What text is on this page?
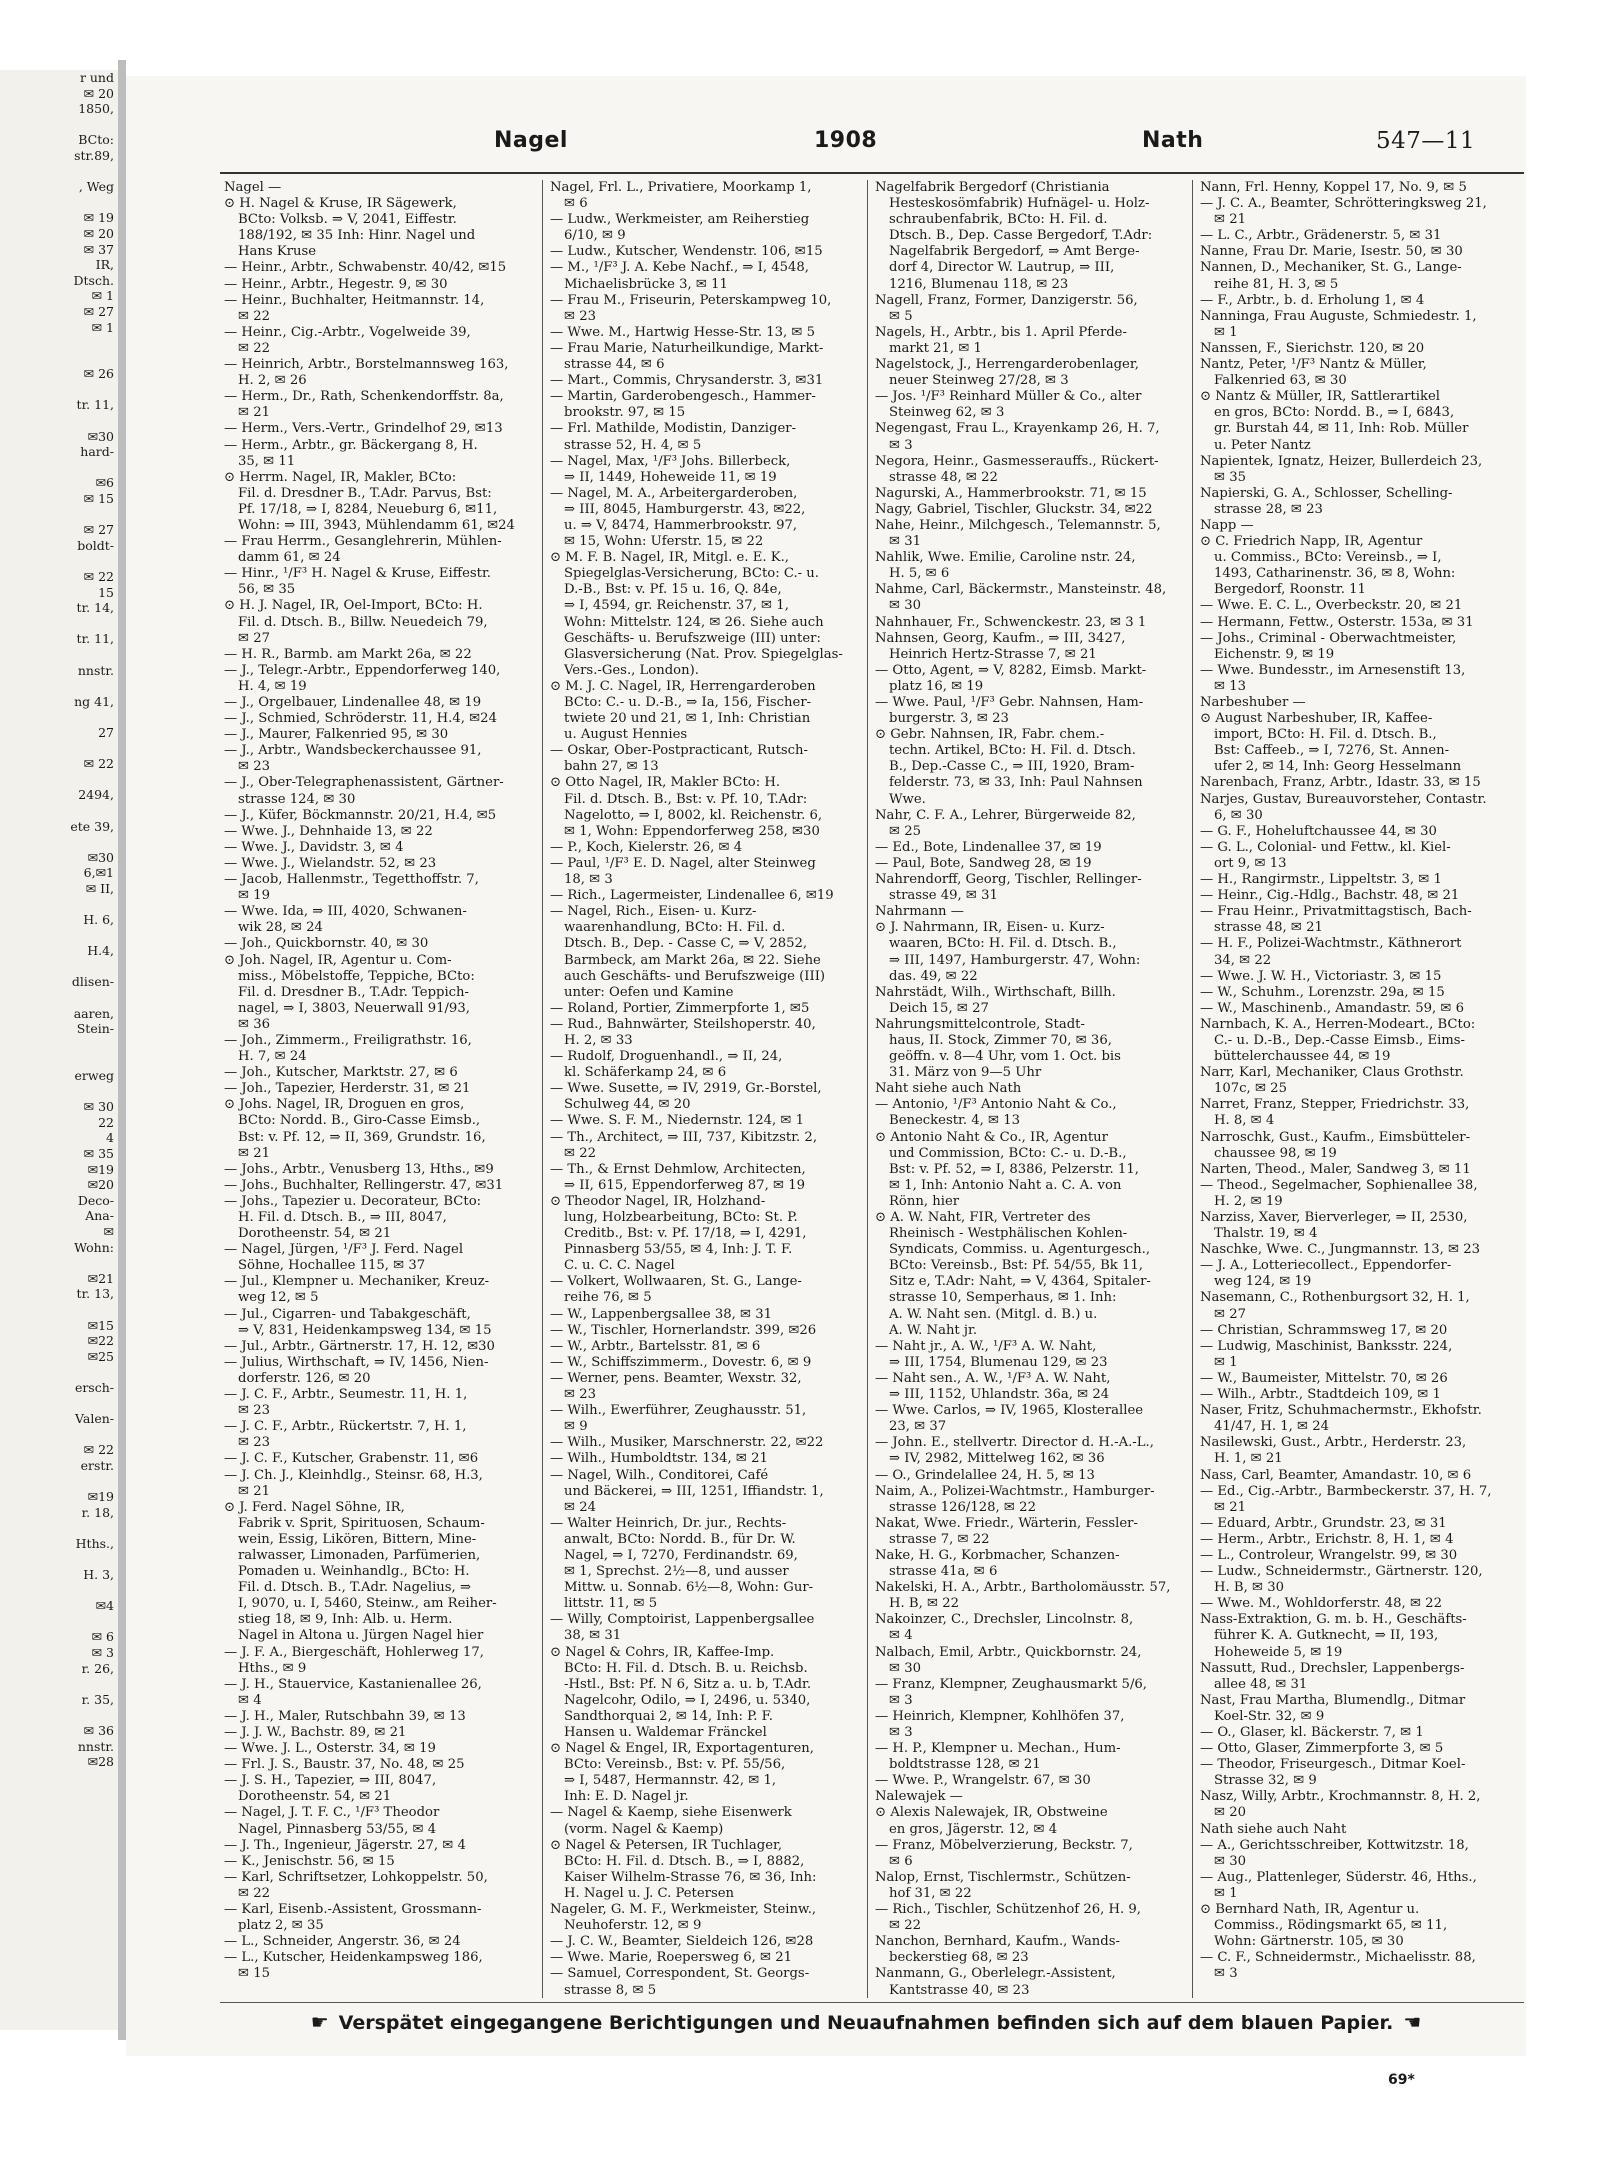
r und
✉ 20
1850,

BCto:
str.89,

, Weg

✉ 19
✉ 20
✉ 37
IR,
Dtsch.
✉ 1
✉ 27
✉ 1

✉ 26

tr. 11,

✉30
hard-

✉6
✉ 15

✉ 27
boldt-

✉ 22
15
tr. 14,

tr. 11,

nnstr.

ng 41,

27

✉ 22

2494,

ete 39,

✉30
6,✉1
✉ II,

H. 6,

H.4,

dlisen-

aaren,
Stein-

erweg

✉ 30
22
4
✉ 35
✉19
✉20
Deco-
Ana-
✉
Wohn:

✉21
tr. 13,

✉15
✉22
✉25

ersch-

Valen-

✉ 22
erstr.

✉19
r. 18,

Hths.,

H. 3,

✉4

✉ 6
✉ 3
r. 26,

r. 35,

✉ 36
nnstr.
✉28
Nagel	1908	Nath	547—11
Nagel —
⊙ H. Nagel & Kruse, IR Sägewerk,
BCto: Volksb. ⇒ V, 2041, Eiffestr.
188/192, ✉ 35 Inh: Hinr. Nagel und
Hans Kruse
— Heinr., Arbtr., Schwabenstr. 40/42, ✉15
— Heinr., Arbtr., Hegestr. 9, ✉ 30
— Heinr., Buchhalter, Heitmannstr. 14,
✉ 22
— Heinr., Cig.-Arbtr., Vogelweide 39,
✉ 22
— Heinrich, Arbtr., Borstelmannsweg 163,
H. 2, ✉ 26
— Herm., Dr., Rath, Schenkendorffstr. 8a,
✉ 21
— Herm., Vers.-Vertr., Grindelhof 29, ✉13
— Herm., Arbtr., gr. Bäckergang 8, H.
35, ✉ 11
⊙ Herrm. Nagel, IR, Makler, BCto:
Fil. d. Dresdner B., T.Adr. Parvus, Bst:
Pf. 17/18, ⇒ I, 8284, Neueburg 6, ✉11,
Wohn: ⇒ III, 3943, Mühlendamm 61, ✉24
— Frau Herrm., Gesanglehrerin, Mühlen-
damm 61, ✉ 24
— Hinr., ¹/F³ H. Nagel & Kruse, Eiffestr.
56, ✉ 35
⊙ H. J. Nagel, IR, Oel-Import, BCto: H.
Fil. d. Dtsch. B., Billw. Neuedeich 79,
✉ 27
— H. R., Barmb. am Markt 26a, ✉ 22
— J., Telegr.-Arbtr., Eppendorferweg 140,
H. 4, ✉ 19
— J., Orgelbauer, Lindenallee 48, ✉ 19
— J., Schmied, Schröderstr. 11, H.4, ✉24
— J., Maurer, Falkenried 95, ✉ 30
— J., Arbtr., Wandsbeckerchaussee 91,
✉ 23
— J., Ober-Telegraphenassistent, Gärtner-
strasse 124, ✉ 30
— J., Küfer, Böckmannstr. 20/21, H.4, ✉5
— Wwe. J., Dehnhaide 13, ✉ 22
— Wwe. J., Davidstr. 3, ✉ 4
— Wwe. J., Wielandstr. 52, ✉ 23
— Jacob, Hallenmstr., Tegetthoffstr. 7,
✉ 19
— Wwe. Ida, ⇒ III, 4020, Schwanen-
wik 28, ✉ 24
— Joh., Quickbornstr. 40, ✉ 30
⊙ Joh. Nagel, IR, Agentur u. Com-
miss., Möbelstoffe, Teppiche, BCto:
Fil. d. Dresdner B., T.Adr. Teppich-
nagel, ⇒ I, 3803, Neuerwall 91/93,
✉ 36
— Joh., Zimmerm., Freiligrathstr. 16,
H. 7, ✉ 24
— Joh., Kutscher, Marktstr. 27, ✉ 6
— Joh., Tapezier, Herderstr. 31, ✉ 21
⊙ Johs. Nagel, IR, Droguen en gros,
BCto: Nordd. B., Giro-Casse Eimsb.,
Bst: v. Pf. 12, ⇒ II, 369, Grundstr. 16,
✉ 21
— Johs., Arbtr., Venusberg 13, Hths., ✉9
— Johs., Buchhalter, Rellingerstr. 47, ✉31
— Johs., Tapezier u. Decorateur, BCto:
H. Fil. d. Dtsch. B., ⇒ III, 8047,
Dorotheenstr. 54, ✉ 21
— Nagel, Jürgen, ¹/F³ J. Ferd. Nagel
Söhne, Hochallee 115, ✉ 37
— Jul., Klempner u. Mechaniker, Kreuz-
weg 12, ✉ 5
— Jul., Cigarren- und Tabakgeschäft,
⇒ V, 831, Heidenkampsweg 134, ✉ 15
— Jul., Arbtr., Gärtnerstr. 17, H. 12, ✉30
— Julius, Wirthschaft, ⇒ IV, 1456, Nien-
dorferstr. 126, ✉ 20
— J. C. F., Arbtr., Seumestr. 11, H. 1,
✉ 23
— J. C. F., Arbtr., Rückertstr. 7, H. 1,
✉ 23
— J. C. F., Kutscher, Grabenstr. 11, ✉6
— J. Ch. J., Kleinhdlg., Steinsr. 68, H.3,
✉ 21
⊙ J. Ferd. Nagel Söhne, IR,
Fabrik v. Sprit, Spirituosen, Schaum-
wein, Essig, Likören, Bittern, Mine-
ralwasser, Limonaden, Parfümerien,
Pomaden u. Weinhandlg., BCto: H.
Fil. d. Dtsch. B., T.Adr. Nagelius, ⇒
I, 9070, u. I, 5460, Steinw., am Reiher-
stieg 18, ✉ 9, Inh: Alb. u. Herm.
Nagel in Altona u. Jürgen Nagel hier
— J. F. A., Biergeschäft, Hohlerweg 17,
Hths., ✉ 9
— J. H., Stauervice, Kastanienallee 26,
✉ 4
— J. H., Maler, Rutschbahn 39, ✉ 13
— J. J. W., Bachstr. 89, ✉ 21
— Wwe. J. L., Osterstr. 34, ✉ 19
— Frl. J. S., Baustr. 37, No. 48, ✉ 25
— J. S. H., Tapezier, ⇒ III, 8047,
Dorotheenstr. 54, ✉ 21
— Nagel, J. T. F. C., ¹/F³ Theodor
Nagel, Pinnasberg 53/55, ✉ 4
— J. Th., Ingenieur, Jägerstr. 27, ✉ 4
— K., Jenischstr. 56, ✉ 15
— Karl, Schriftsetzer, Lohkoppelstr. 50,
✉ 22
— Karl, Eisenb.-Assistent, Grossmann-
platz 2, ✉ 35
— L., Schneider, Angerstr. 36, ✉ 24
— L., Kutscher, Heidenkampsweg 186,
✉ 15
Nagel, Frl. L., Privatiere, Moorkamp 1,
✉ 6
— Ludw., Werkmeister, am Reiherstieg
6/10, ✉ 9
— Ludw., Kutscher, Wendenstr. 106, ✉15
— M., ¹/F³ J. A. Kebe Nachf., ⇒ I, 4548,
Michaelisbrücke 3, ✉ 11
— Frau M., Friseurin, Peterskampweg 10,
✉ 23
— Wwe. M., Hartwig Hesse-Str. 13, ✉ 5
— Frau Marie, Naturheilkundige, Markt-
strasse 44, ✉ 6
— Mart., Commis, Chrysanderstr. 3, ✉31
— Martin, Garderobengesch., Hammer-
brookstr. 97, ✉ 15
— Frl. Mathilde, Modistin, Danziger-
strasse 52, H. 4, ✉ 5
— Nagel, Max, ¹/F³ Johs. Billerbeck,
⇒ II, 1449, Hoheweide 11, ✉ 19
— Nagel, M. A., Arbeitergarderoben,
⇒ III, 8045, Hamburgerstr. 43, ✉22,
u. ⇒ V, 8474, Hammerbrookstr. 97,
✉ 15, Wohn: Uferstr. 15, ✉ 22
⊙ M. F. B. Nagel, IR, Mitgl. e. E. K.,
Spiegelglas-Versicherung, BCto: C.- u.
D.-B., Bst: v. Pf. 15 u. 16, Q. 84e,
⇒ I, 4594, gr. Reichenstr. 37, ✉ 1,
Wohn: Mittelstr. 124, ✉ 26. Siehe auch
Geschäfts- u. Berufszweige (III) unter:
Glasversicherung (Nat. Prov. Spiegelglas-
Vers.-Ges., London).
⊙ M. J. C. Nagel, IR, Herrengarderoben
BCto: C.- u. D.-B., ⇒ Ia, 156, Fischer-
twiete 20 und 21, ✉ 1, Inh: Christian
u. August Hennies
— Oskar, Ober-Postpracticant, Rutsch-
bahn 27, ✉ 13
⊙ Otto Nagel, IR, Makler BCto: H.
Fil. d. Dtsch. B., Bst: v. Pf. 10, T.Adr:
Nagelotto, ⇒ I, 8002, kl. Reichenstr. 6,
✉ 1, Wohn: Eppendorferweg 258, ✉30
— P., Koch, Kielerstr. 26, ✉ 4
— Paul, ¹/F³ E. D. Nagel, alter Steinweg
18, ✉ 3
— Rich., Lagermeister, Lindenallee 6, ✉19
— Nagel, Rich., Eisen- u. Kurz-
waarenhandlung, BCto: H. Fil. d.
Dtsch. B., Dep. - Casse C, ⇒ V, 2852,
Barmbeck, am Markt 26a, ✉ 22. Siehe
auch Geschäfts- und Berufszweige (III)
unter: Oefen und Kamine
— Roland, Portier, Zimmerpforte 1, ✉5
— Rud., Bahnwärter, Steilshoperstr. 40,
H. 2, ✉ 33
— Rudolf, Droguenhandl., ⇒ II, 24,
kl. Schäferkamp 24, ✉ 6
— Wwe. Susette, ⇒ IV, 2919, Gr.-Borstel,
Schulweg 44, ✉ 20
— Wwe. S. F. M., Niedernstr. 124, ✉ 1
— Th., Architect, ⇒ III, 737, Kibitzstr. 2,
✉ 22
— Th., & Ernst Dehmlow, Architecten,
⇒ II, 615, Eppendorferweg 87, ✉ 19
⊙ Theodor Nagel, IR, Holzhand-
lung, Holzbearbeitung, BCto: St. P.
Creditb., Bst: v. Pf. 17/18, ⇒ I, 4291,
Pinnasberg 53/55, ✉ 4, Inh: J. T. F.
C. u. C. C. Nagel
— Volkert, Wollwaaren, St. G., Lange-
reihe 76, ✉ 5
— W., Lappenbergsallee 38, ✉ 31
— W., Tischler, Hornerlandstr. 399, ✉26
— W., Arbtr., Bartelsstr. 81, ✉ 6
— W., Schiffszimmerm., Dovestr. 6, ✉ 9
— Werner, pens. Beamter, Wexstr. 32,
✉ 23
— Wilh., Ewerführer, Zeughausstr. 51,
✉ 9
— Wilh., Musiker, Marschnerstr. 22, ✉22
— Wilh., Humboldtstr. 134, ✉ 21
— Nagel, Wilh., Conditorei, Café
und Bäckerei, ⇒ III, 1251, Iffiandstr. 1,
✉ 24
— Walter Heinrich, Dr. jur., Rechts-
anwalt, BCto: Nordd. B., für Dr. W.
Nagel, ⇒ I, 7270, Ferdinandstr. 69,
✉ 1, Sprechst. 2½—8, und ausser
Mittw. u. Sonnab. 6½—8, Wohn: Gur-
littstr. 11, ✉ 5
— Willy, Comptoirist, Lappenbergsallee
38, ✉ 31
⊙ Nagel & Cohrs, IR, Kaffee-Imp.
BCto: H. Fil. d. Dtsch. B. u. Reichsb.
-Hstl., Bst: Pf. N 6, Sitz a. u. b, T.Adr.
Nagelcohr, Odilo, ⇒ I, 2496, u. 5340,
Sandthorquai 2, ✉ 14, Inh: P. F.
Hansen u. Waldemar Fränckel
⊙ Nagel & Engel, IR, Exportagenturen,
BCto: Vereinsb., Bst: v. Pf. 55/56,
⇒ I, 5487, Hermannstr. 42, ✉ 1,
Inh: E. D. Nagel jr.
— Nagel & Kaemp, siehe Eisenwerk
(vorm. Nagel & Kaemp)
⊙ Nagel & Petersen, IR Tuchlager,
BCto: H. Fil. d. Dtsch. B., ⇒ I, 8882,
Kaiser Wilhelm-Strasse 76, ✉ 36, Inh:
H. Nagel u. J. C. Petersen
Nageler, G. M. F., Werkmeister, Steinw.,
Neuhoferstr. 12, ✉ 9
— J. C. W., Beamter, Sieldeich 126, ✉28
— Wwe. Marie, Roepersweg 6, ✉ 21
— Samuel, Correspondent, St. Georgs-
strasse 8, ✉ 5
Nagelfabrik Bergedorf (Christiania
Hesteskosömfabrik) Hufnägel- u. Holz-
schraubenfabrik, BCto: H. Fil. d.
Dtsch. B., Dep. Casse Bergedorf, T.Adr:
Nagelfabrik Bergedorf, ⇒ Amt Berge-
dorf 4, Director W. Lautrup, ⇒ III,
1216, Blumenau 118, ✉ 23
Nagell, Franz, Former, Danzigerstr. 56,
✉ 5
Nagels, H., Arbtr., bis 1. April Pferde-
markt 21, ✉ 1
Nagelstock, J., Herrengarderobenlager,
neuer Steinweg 27/28, ✉ 3
— Jos. ¹/F³ Reinhard Müller & Co., alter
Steinweg 62, ✉ 3
Negengast, Frau L., Krayenkamp 26, H. 7,
✉ 3
Negora, Heinr., Gasmesserauffs., Rückert-
strasse 48, ✉ 22
Nagurski, A., Hammerbrookstr. 71, ✉ 15
Nagy, Gabriel, Tischler, Gluckstr. 34, ✉22
Nahe, Heinr., Milchgesch., Telemannstr. 5,
✉ 31
Nahlik, Wwe. Emilie, Caroline nstr. 24,
H. 5, ✉ 6
Nahme, Carl, Bäckermstr., Mansteinstr. 48,
✉ 30
Nahnhauer, Fr., Schwenckestr. 23, ✉ 3 1
Nahnsen, Georg, Kaufm., ⇒ III, 3427,
Heinrich Hertz-Strasse 7, ✉ 21
— Otto, Agent, ⇒ V, 8282, Eimsb. Markt-
platz 16, ✉ 19
— Wwe. Paul, ¹/F³ Gebr. Nahnsen, Ham-
burgerstr. 3, ✉ 23
⊙ Gebr. Nahnsen, IR, Fabr. chem.-
techn. Artikel, BCto: H. Fil. d. Dtsch.
B., Dep.-Casse C., ⇒ III, 1920, Bram-
felderstr. 73, ✉ 33, Inh: Paul Nahnsen
Wwe.
Nahr, C. F. A., Lehrer, Bürgerweide 82,
✉ 25
— Ed., Bote, Lindenallee 37, ✉ 19
— Paul, Bote, Sandweg 28, ✉ 19
Nahrendorff, Georg, Tischler, Rellinger-
strasse 49, ✉ 31
Nahrmann —
⊙ J. Nahrmann, IR, Eisen- u. Kurz-
waaren, BCto: H. Fil. d. Dtsch. B.,
⇒ III, 1497, Hamburgerstr. 47, Wohn:
das. 49, ✉ 22
Nahrstädt, Wilh., Wirthschaft, Billh.
Deich 15, ✉ 27
Nahrungsmittelcontrole, Stadt-
haus, II. Stock, Zimmer 70, ✉ 36,
geöffn. v. 8—4 Uhr, vom 1. Oct. bis
31. März von 9—5 Uhr
Naht siehe auch Nath
— Antonio, ¹/F³ Antonio Naht & Co.,
Beneckestr. 4, ✉ 13
⊙ Antonio Naht & Co., IR, Agentur
und Commission, BCto: C.- u. D.-B.,
Bst: v. Pf. 52, ⇒ I, 8386, Pelzerstr. 11,
✉ 1, Inh: Antonio Naht a. C. A. von
Rönn, hier
⊙ A. W. Naht, FIR, Vertreter des
Rheinisch - Westphälischen Kohlen-
Syndicats, Commiss. u. Agenturgesch.,
BCto: Vereinsb., Bst: Pf. 54/55, Bk 11,
Sitz e, T.Adr: Naht, ⇒ V, 4364, Spitaler-
strasse 10, Semperhaus, ✉ 1. Inh:
A. W. Naht sen. (Mitgl. d. B.) u.
A. W. Naht jr.
— Naht jr., A. W., ¹/F³ A. W. Naht,
⇒ III, 1754, Blumenau 129, ✉ 23
— Naht sen., A. W., ¹/F³ A. W. Naht,
⇒ III, 1152, Uhlandstr. 36a, ✉ 24
— Wwe. Carlos, ⇒ IV, 1965, Klosterallee
23, ✉ 37
— John. E., stellvertr. Director d. H.-A.-L.,
⇒ IV, 2982, Mittelweg 162, ✉ 36
— O., Grindelallee 24, H. 5, ✉ 13
Naim, A., Polizei-Wachtmstr., Hamburger-
strasse 126/128, ✉ 22
Nakat, Wwe. Friedr., Wärterin, Fessler-
strasse 7, ✉ 22
Nake, H. G., Korbmacher, Schanzen-
strasse 41a, ✉ 6
Nakelski, H. A., Arbtr., Bartholomäusstr. 57,
H. B, ✉ 22
Nakoinzer, C., Drechsler, Lincolnstr. 8,
✉ 4
Nalbach, Emil, Arbtr., Quickbornstr. 24,
✉ 30
— Franz, Klempner, Zeughausmarkt 5/6,
✉ 3
— Heinrich, Klempner, Kohlhöfen 37,
✉ 3
— H. P., Klempner u. Mechan., Hum-
boldtstrasse 128, ✉ 21
— Wwe. P., Wrangelstr. 67, ✉ 30
Nalewajek —
⊙ Alexis Nalewajek, IR, Obstweine
en gros, Jägerstr. 12, ✉ 4
— Franz, Möbelverzierung, Beckstr. 7,
✉ 6
Nalop, Ernst, Tischlermstr., Schützen-
hof 31, ✉ 22
— Rich., Tischler, Schützenhof 26, H. 9,
✉ 22
Nanchon, Bernhard, Kaufm., Wands-
beckerstieg 68, ✉ 23
Nanmann, G., Oberlelegr.-Assistent,
Kantstrasse 40, ✉ 23
Nann, Frl. Henny, Koppel 17, No. 9, ✉ 5
— J. C. A., Beamter, Schrötteringksweg 21,
✉ 21
— L. C., Arbtr., Grädenerstr. 5, ✉ 31
Nanne, Frau Dr. Marie, Isestr. 50, ✉ 30
Nannen, D., Mechaniker, St. G., Lange-
reihe 81, H. 3, ✉ 5
— F., Arbtr., b. d. Erholung 1, ✉ 4
Nanninga, Frau Auguste, Schmiedestr. 1,
✉ 1
Nanssen, F., Sierichstr. 120, ✉ 20
Nantz, Peter, ¹/F³ Nantz & Müller,
Falkenried 63, ✉ 30
⊙ Nantz & Müller, IR, Sattlerartikel
en gros, BCto: Nordd. B., ⇒ I, 6843,
gr. Burstah 44, ✉ 11, Inh: Rob. Müller
u. Peter Nantz
Napientek, Ignatz, Heizer, Bullerdeich 23,
✉ 35
Napierski, G. A., Schlosser, Schelling-
strasse 28, ✉ 23
Napp —
⊙ C. Friedrich Napp, IR, Agentur
u. Commiss., BCto: Vereinsb., ⇒ I,
1493, Catharinenstr. 36, ✉ 8, Wohn:
Bergedorf, Roonstr. 11
— Wwe. E. C. L., Overbeckstr. 20, ✉ 21
— Hermann, Fettw., Osterstr. 153a, ✉ 31
— Johs., Criminal - Oberwachtmeister,
Eichenstr. 9, ✉ 19
— Wwe. Bundesstr., im Arnesenstift 13,
✉ 13
Narbeshuber —
⊙ August Narbeshuber, IR, Kaffee-
import, BCto: H. Fil. d. Dtsch. B.,
Bst: Caffeeb., ⇒ I, 7276, St. Annen-
ufer 2, ✉ 14, Inh: Georg Hesselmann
Narenbach, Franz, Arbtr., Idastr. 33, ✉ 15
Narjes, Gustav, Bureauvorsteher, Contastr.
6, ✉ 30
— G. F., Hoheluftchaussee 44, ✉ 30
— G. L., Colonial- und Fettw., kl. Kiel-
ort 9, ✉ 13
— H., Rangirmstr., Lippeltstr. 3, ✉ 1
— Heinr., Cig.-Hdlg., Bachstr. 48, ✉ 21
— Frau Heinr., Privatmittagstisch, Bach-
strasse 48, ✉ 21
— H. F., Polizei-Wachtmstr., Käthnerort
34, ✉ 22
— Wwe. J. W. H., Victoriastr. 3, ✉ 15
— W., Schuhm., Lorenzstr. 29a, ✉ 15
— W., Maschinenb., Amandastr. 59, ✉ 6
Narnbach, K. A., Herren-Modeart., BCto:
C.- u. D.-B., Dep.-Casse Eimsb., Eims-
büttelerchaussee 44, ✉ 19
Narr, Karl, Mechaniker, Claus Grothstr.
107c, ✉ 25
Narret, Franz, Stepper, Friedrichstr. 33,
H. 8, ✉ 4
Narroschk, Gust., Kaufm., Eimsbütteler-
chaussee 98, ✉ 19
Narten, Theod., Maler, Sandweg 3, ✉ 11
— Theod., Segelmacher, Sophienallee 38,
H. 2, ✉ 19
Narziss, Xaver, Bierverleger, ⇒ II, 2530,
Thalstr. 19, ✉ 4
Naschke, Wwe. C., Jungmannstr. 13, ✉ 23
— J. A., Lotteriecollect., Eppendorfer-
weg 124, ✉ 19
Nasemann, C., Rothenburgsort 32, H. 1,
✉ 27
— Christian, Schrammsweg 17, ✉ 20
— Ludwig, Maschinist, Banksstr. 224,
✉ 1
— W., Baumeister, Mittelstr. 70, ✉ 26
— Wilh., Arbtr., Stadtdeich 109, ✉ 1
Naser, Fritz, Schuhmachermstr., Ekhofstr.
41/47, H. 1, ✉ 24
Nasilewski, Gust., Arbtr., Herderstr. 23,
H. 1, ✉ 21
Nass, Carl, Beamter, Amandastr. 10, ✉ 6
— Ed., Cig.-Arbtr., Barmbeckerstr. 37, H. 7,
✉ 21
— Eduard, Arbtr., Grundstr. 23, ✉ 31
— Herm., Arbtr., Erichstr. 8, H. 1, ✉ 4
— L., Controleur, Wrangelstr. 99, ✉ 30
— Ludw., Schneidermstr., Gärtnerstr. 120,
H. B, ✉ 30
— Wwe. M., Wohldorferstr. 48, ✉ 22
Nass-Extraktion, G. m. b. H., Geschäfts-
führer K. A. Gutknecht, ⇒ II, 193,
Hoheweide 5, ✉ 19
Nassutt, Rud., Drechsler, Lappenbergs-
allee 48, ✉ 31
Nast, Frau Martha, Blumendlg., Ditmar
Koel-Str. 32, ✉ 9
— O., Glaser, kl. Bäckerstr. 7, ✉ 1
— Otto, Glaser, Zimmerpforte 3, ✉ 5
— Theodor, Friseurgesch., Ditmar Koel-
Strasse 32, ✉ 9
Nasz, Willy, Arbtr., Krochmannstr. 8, H. 2,
✉ 20
Nath siehe auch Naht
— A., Gerichtsschreiber, Kottwitzstr. 18,
✉ 30
— Aug., Plattenleger, Süderstr. 46, Hths.,
✉ 1
⊙ Bernhard Nath, IR, Agentur u.
Commiss., Rödingsmarkt 65, ✉ 11,
Wohn: Gärtnerstr. 105, ✉ 30
— C. F., Schneidermstr., Michaelisstr. 88,
✉ 3
☛ Verspätet eingegangene Berichtigungen und Neuaufnahmen befinden sich auf dem blauen Papier. ☚
69*
